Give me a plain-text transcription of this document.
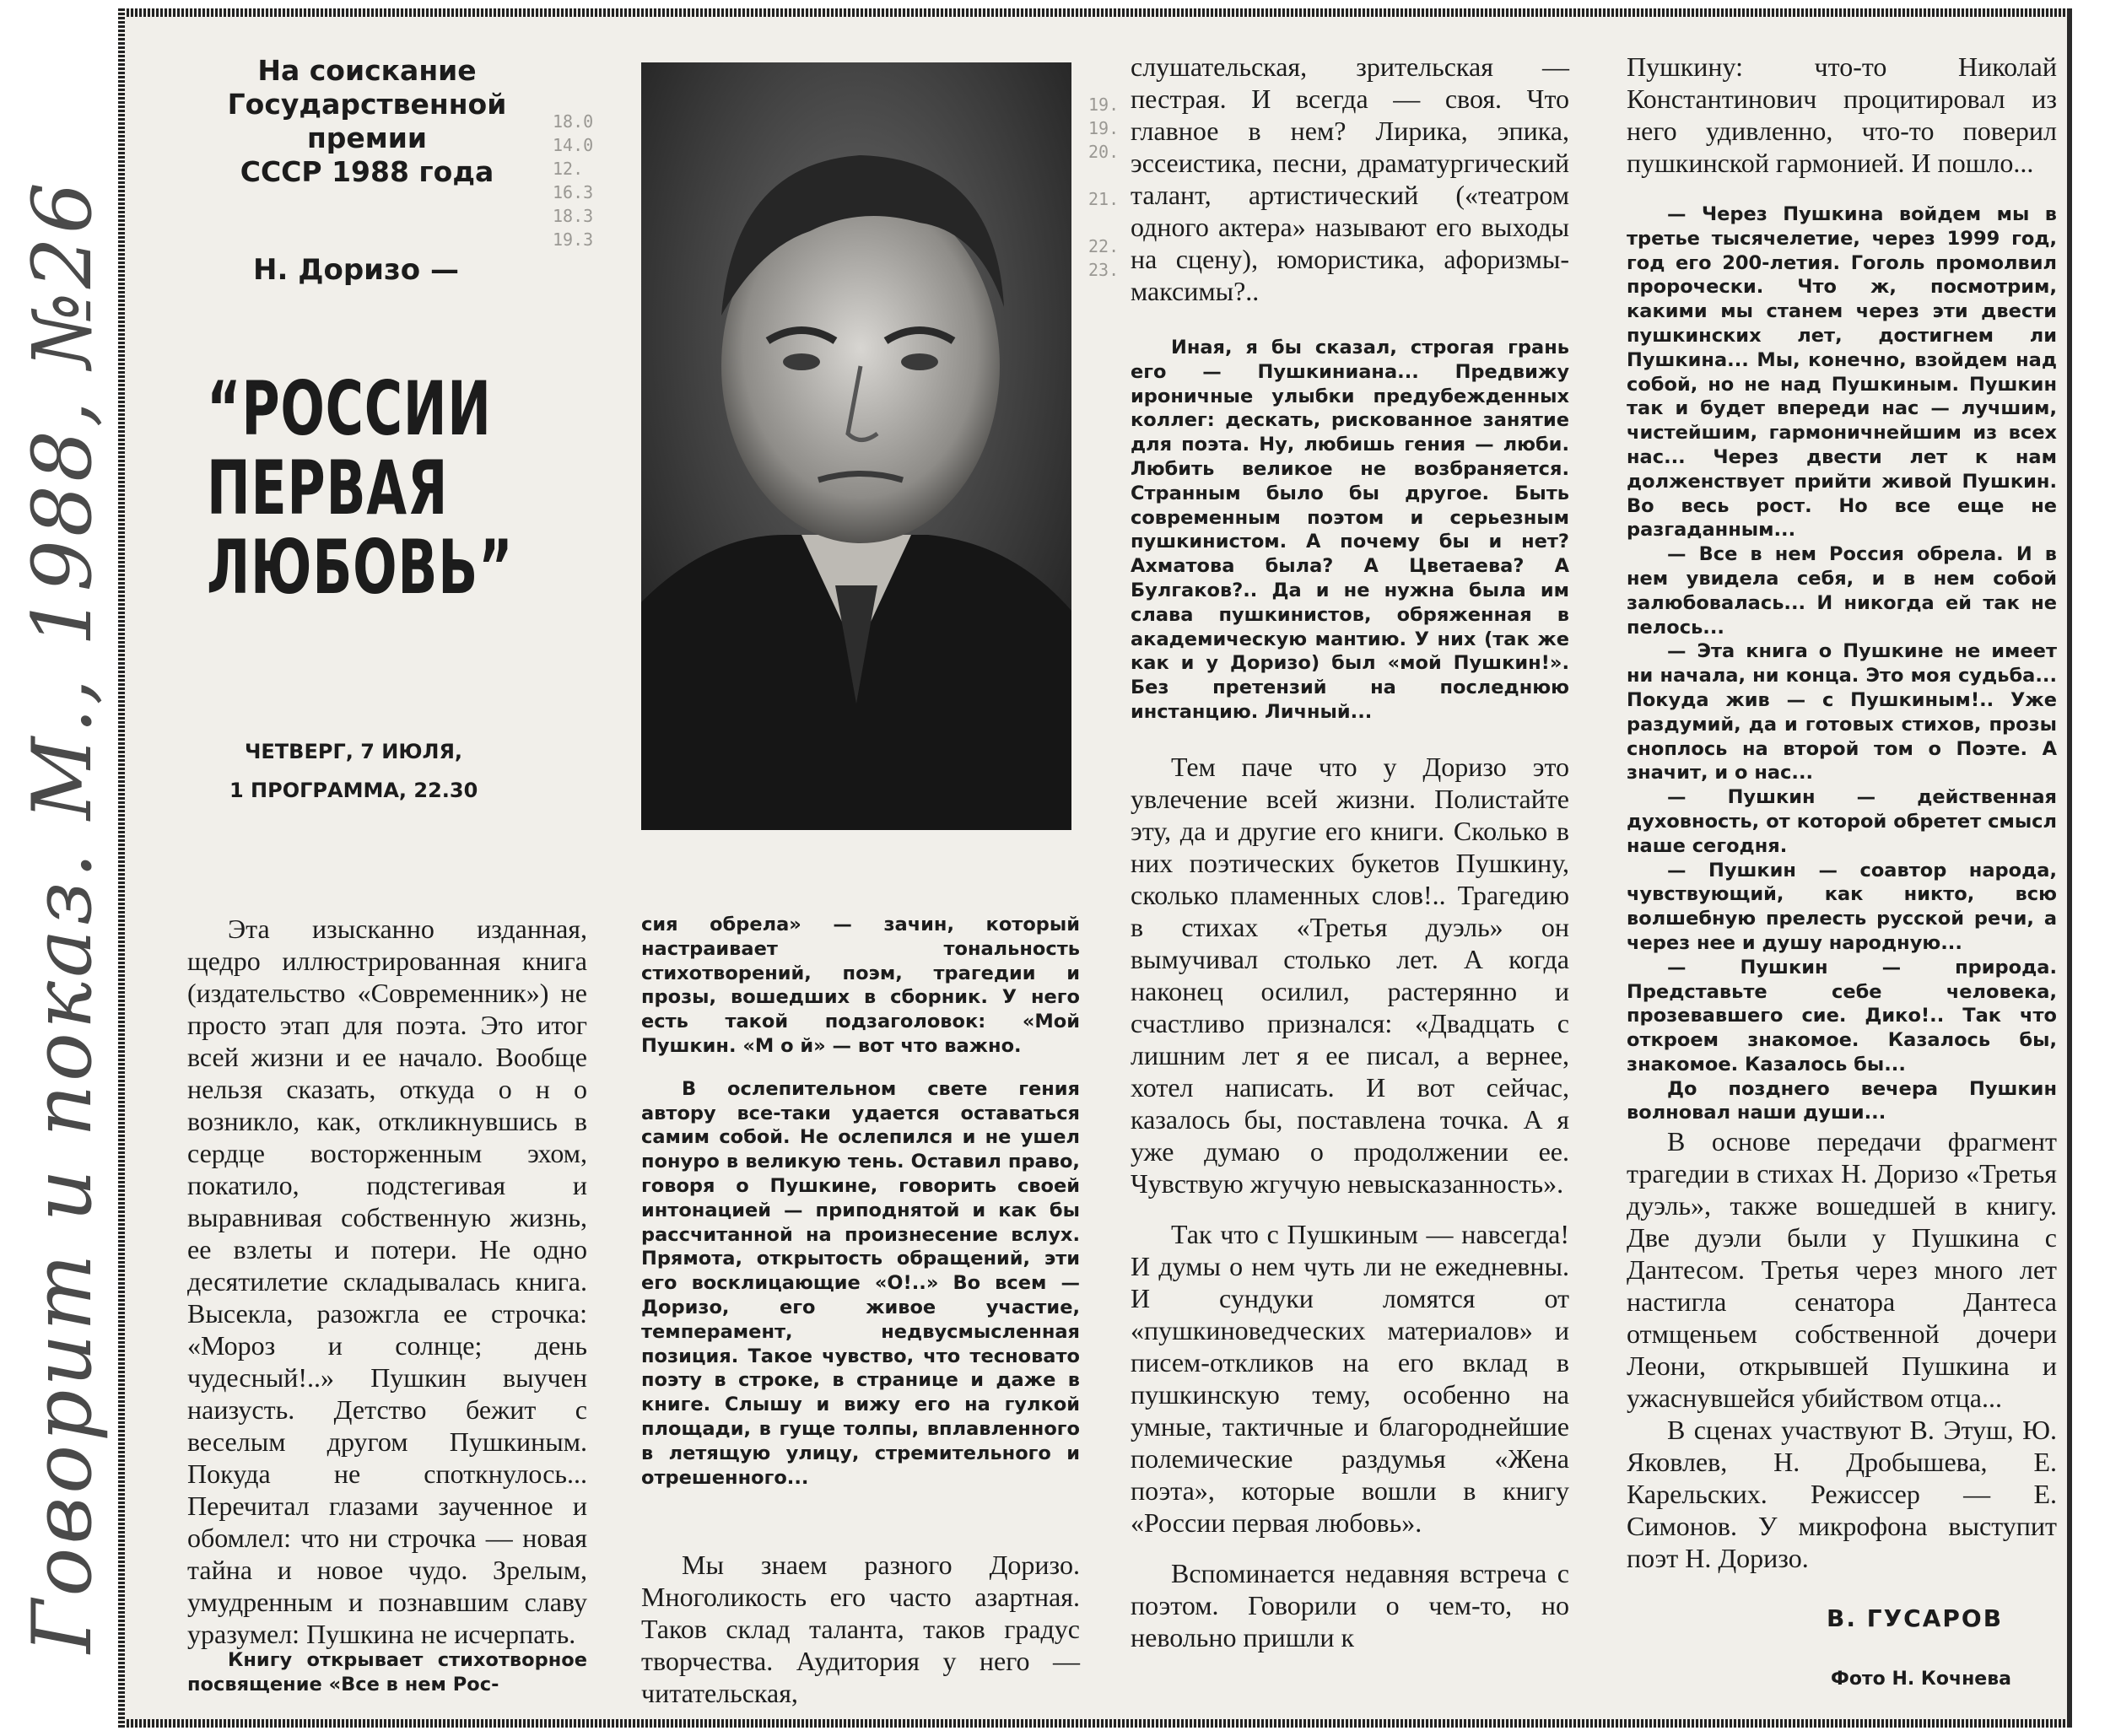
18.0
14.0
12.
16.3
18.3
19.3
19.
19.
20.

21.

22.
23.
Говорит и показ. М., 1988, №26
На соискание
Государственной премии
СССР 1988 года
Н. Доризо —
“РОССИИ
ПЕРВАЯ
ЛЮБОВЬ”
ЧЕТВЕРГ, 7 ИЮЛЯ,
1 ПРОГРАММА, 22.30

Эта изысканно изданная, щедро иллюстрированная книга (издательство «Современник») не просто этап для поэта. Это итог всей жизни и ее начало. Вообще нельзя сказать, откуда о н о возникло, как, откликнувшись в сердце восторженным эхом, покатило, подстегивая и выравнивая собственную жизнь, ее взлеты и потери. Не одно десятилетие складывалась книга. Высекла, разожгла ее строчка: «Мороз и солнце; день чудесный!..» Пушкин выучен наизусть. Детство бежит с веселым другом Пушкиным. Покуда не споткнулось... Перечитал глазами заученное и обомлел: что ни строчка — новая тайна и новое чудо. Зрелым, умудренным и познавшим славу уразумел: Пушкина не исчерпать.

Книгу открывает стихотворное посвящение «Все в нем Рос-

сия обрела» — зачин, который настраивает тональность стихотворений, поэм, трагедии и прозы, вошедших в сборник. У него есть такой подзаголовок: «Мой Пушкин. «М о й» — вот что важно.

В ослепительном свете гения автору все-таки удается оставаться самим собой. Не ослепился и не ушел понуро в великую тень. Оставил право, говоря о Пушкине, говорить своей интонацией — приподнятой и как бы рассчитанной на произнесение вслух. Прямота, открытость обращений, эти его восклицающие «О!..» Во всем — Доризо, его живое участие, темперамент, недвусмысленная позиция. Такое чувство, что тесновато поэту в строке, в странице и даже в книге. Слышу и вижу его на гулкой площади, в гуще толпы, вплавленного в летящую улицу, стремительного и отрешенного...

Мы знаем разного Доризо. Многоликость его часто азартная. Таков склад таланта, таков градус творчества. Аудитория у него — читательская,

слушательская, зрительская — пестрая. И всегда — своя. Что главное в нем? Лирика, эпика, эссеистика, песни, драматургический талант, артистический («театром одного актера» называют его выходы на сцену), юмористика, афоризмы-максимы?..

Иная, я бы сказал, строгая грань его — Пушкиниана... Предвижу ироничные улыбки предубежденных коллег: дескать, рискованное занятие для поэта. Ну, любишь гения — люби. Любить великое не возбраняется. Странным было бы другое. Быть современным поэтом и серьезным пушкинистом. А почему бы и нет? Ахматова была? А Цветаева? А Булгаков?.. Да и не нужна была им слава пушкинистов, обряженная в академическую мантию. У них (так же как и у Доризо) был «мой Пушкин!». Без претензий на последнюю инстанцию. Личный...

Тем паче что у Доризо это увлечение всей жизни. Полистайте эту, да и другие его книги. Сколько в них поэтических букетов Пушкину, сколько пламенных слов!.. Трагедию в стихах «Третья дуэль» он вымучивал столько лет. А когда наконец осилил, растерянно и счастливо признался: «Двадцать с лишним лет я ее писал, а вернее, хотел написать. И вот сейчас, казалось бы, поставлена точка. А я уже думаю о продолжении ее. Чувствую жгучую невысказанность».

Так что с Пушкиным — навсегда! И думы о нем чуть ли не ежедневны. И сундуки ломятся от «пушкиноведческих материалов» и писем-откликов на его вклад в пушкинскую тему, особенно на умные, тактичные и благороднейшие полемические раздумья «Жена поэта», которые вошли в книгу «России первая любовь».

Вспоминается недавняя встреча с поэтом. Говорили о чем-то, но невольно пришли к

Пушкину: что-то Николай Константинович процитировал из него удивленно, что-то поверил пушкинской гармонией. И пошло...

— Через Пушкина войдем мы в третье тысячелетие, через 1999 год, год его 200-летия. Гоголь промолвил пророчески. Что ж, посмотрим, какими мы станем через эти двести пушкинских лет, достигнем ли Пушкина... Мы, конечно, взойдем над собой, но не над Пушкиным. Пушкин так и будет впереди нас — лучшим, чистейшим, гармоничнейшим из всех нас... Через двести лет к нам долженствует прийти живой Пушкин. Во весь рост. Но все еще не разгаданным...

— Все в нем Россия обрела. И в нем увидела себя, и в нем собой залюбовалась... И никогда ей так не пелось...

— Эта книга о Пушкине не имеет ни начала, ни конца. Это моя судьба... Покуда жив — с Пушкиным!.. Уже раздумий, да и готовых стихов, прозы сноплось на второй том о Поэте. А значит, и о нас...

— Пушкин — действенная духовность, от которой обретет смысл наше сегодня.

— Пушкин — соавтор народа, чувствующий, как никто, всю волшебную прелесть русской речи, а через нее и душу народную...

— Пушкин — природа. Представьте себе человека, прозевавшего сие. Дико!.. Так что откроем знакомое. Казалось бы, знакомое. Казалось бы...

До позднего вечера Пушкин волновал наши души...

В основе передачи фрагмент трагедии в стихах Н. Доризо «Третья дуэль», также вошедшей в книгу. Две дуэли были у Пушкина с Дантесом. Третья через много лет настигла сенатора Дантеса отмщеньем собственной дочери Леони, открывшей Пушкина и ужаснувшейся убийством отца...

В сценах участвуют В. Этуш, Ю. Яковлев, Н. Дробышева, Е. Карельских. Режиссер — Е. Симонов. У микрофона выступит поэт Н. Доризо.

В. ГУСАРОВ
Фото Н. Кочнева
